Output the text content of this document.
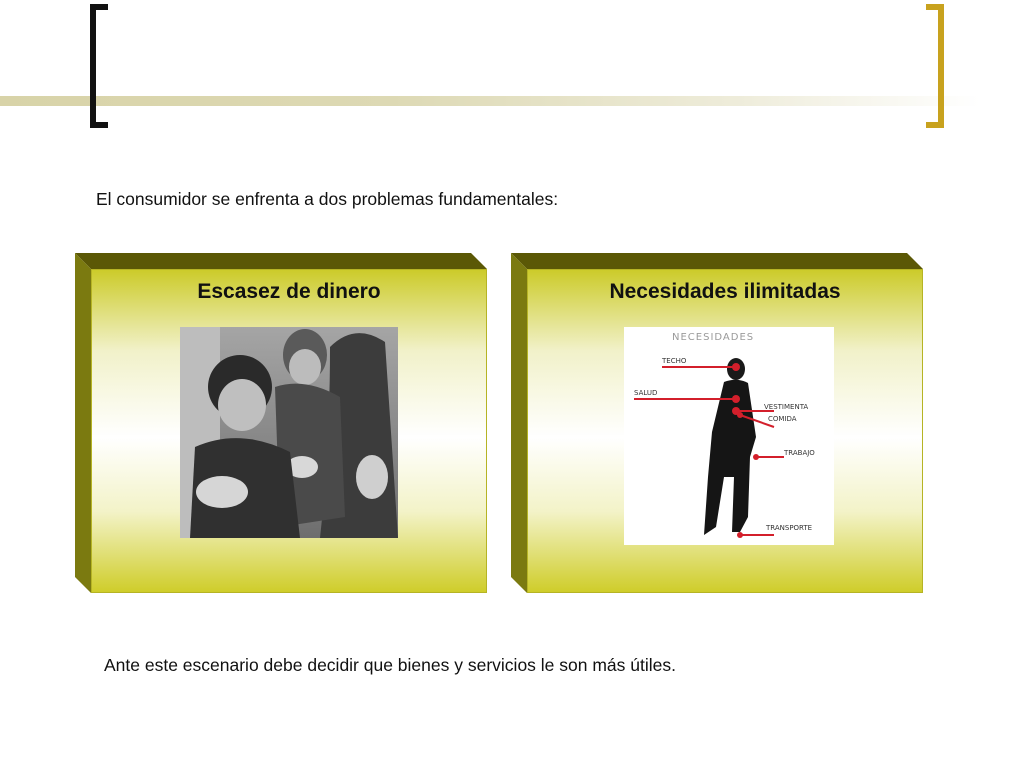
El consumidor se enfrenta a dos problemas fundamentales:
Escasez de dinero	Necesidades ilimitadas
NECESIDADES
TECHO
SALUD
VESTIMENTA
COMIDA
TRABAJO
TRANSPORTE
Ante este escenario debe decidir que bienes y servicios le son más útiles.
